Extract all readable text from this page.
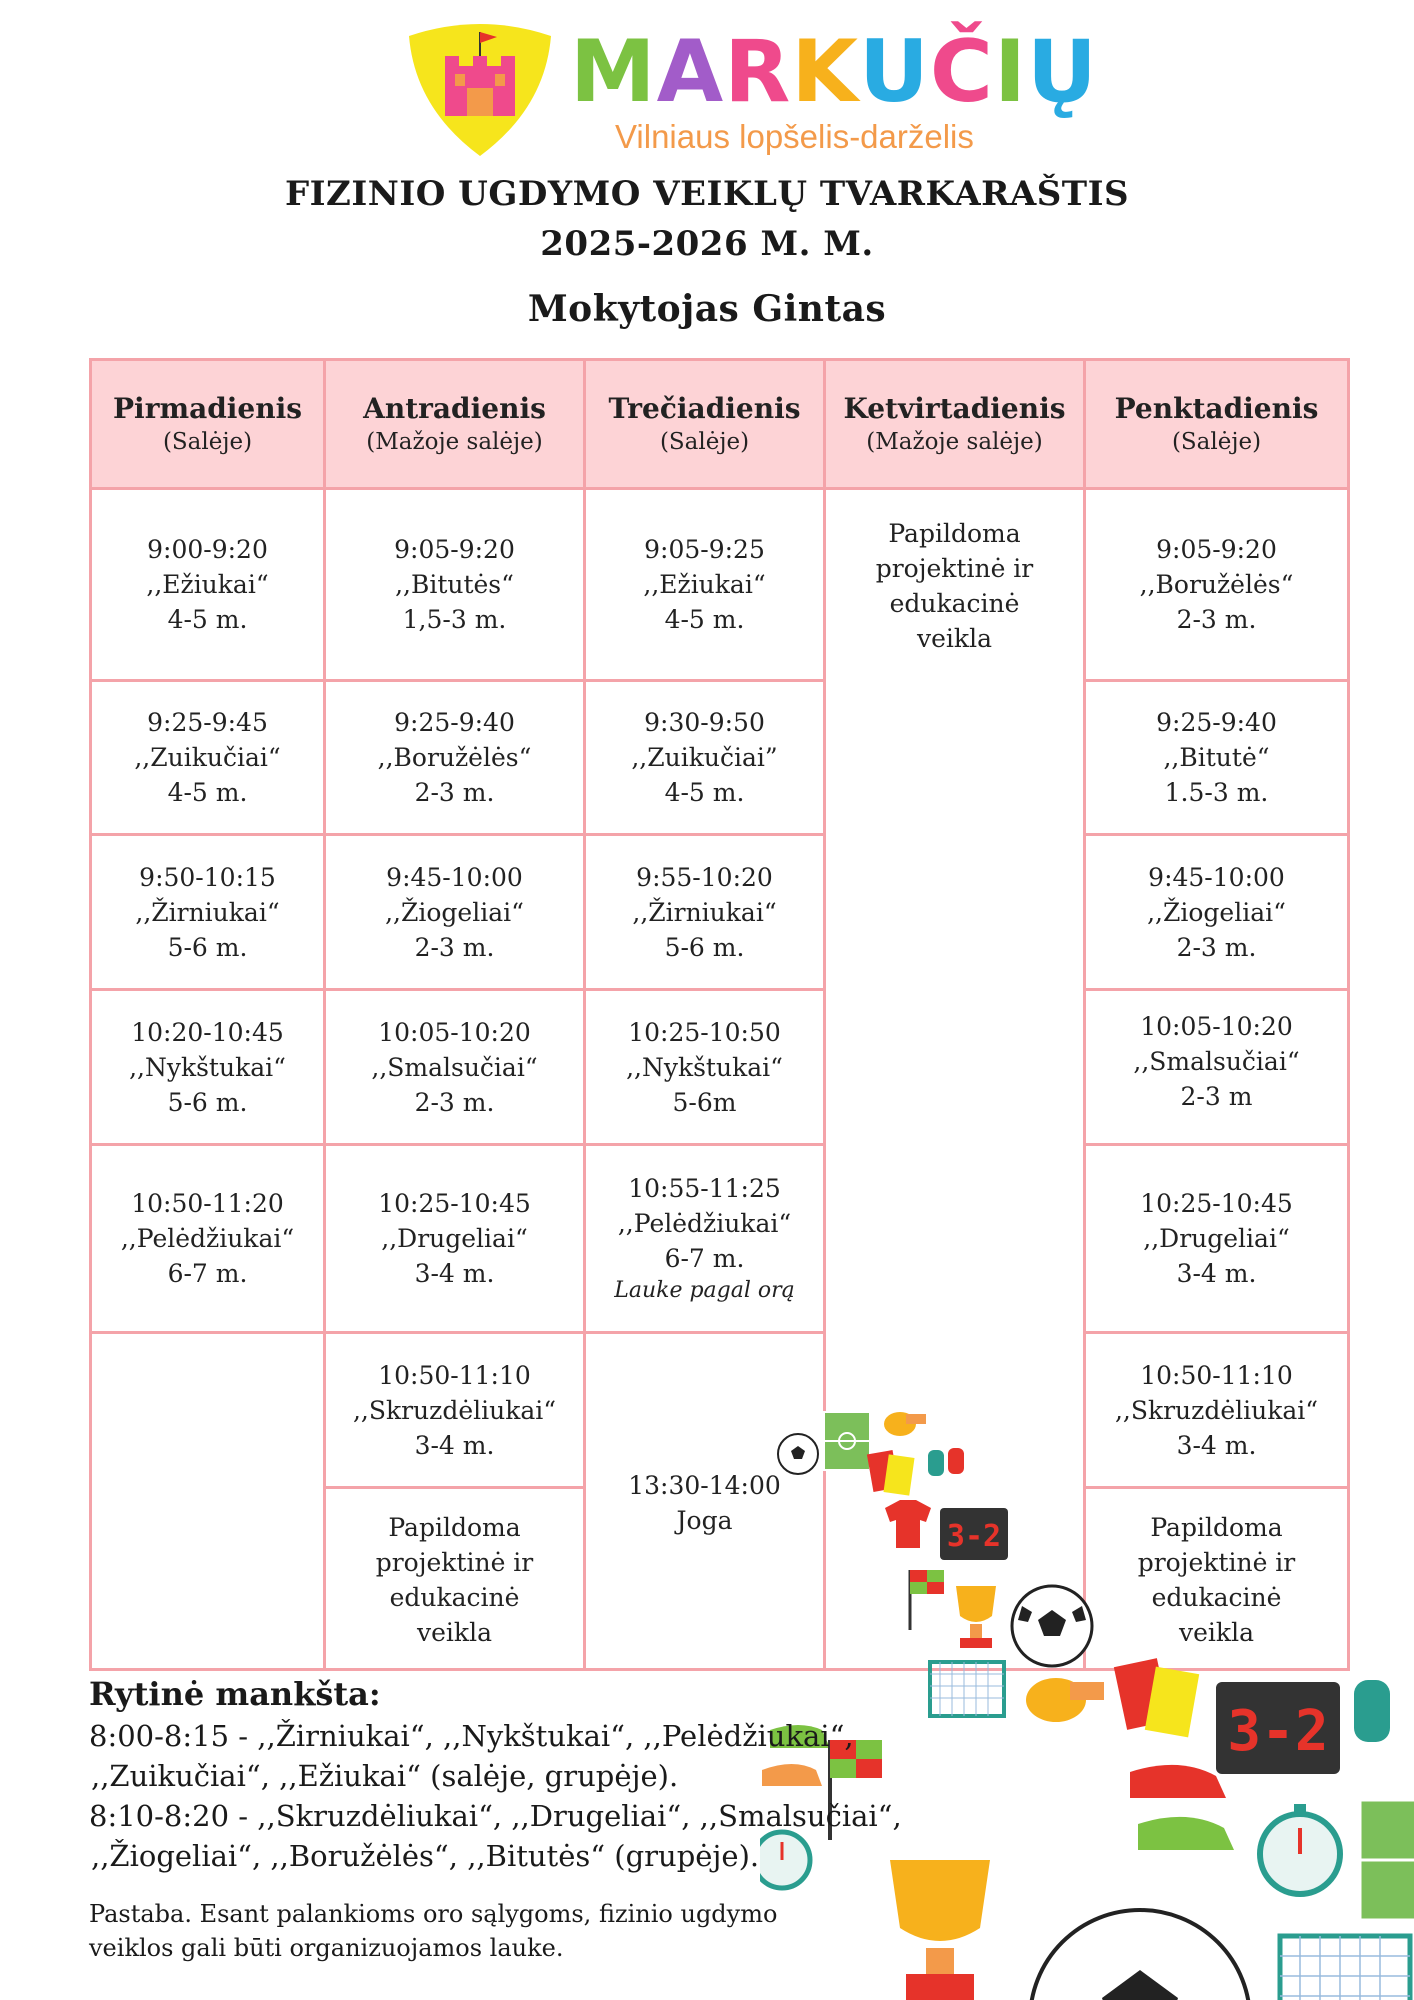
MARKUČIŲ
Vilniaus lopšelis-darželis
FIZINIO UGDYMO VEIKLŲ TVARKARAŠTIS
2025-2026 M. M.
Mokytojas Gintas
Pirmadienis
(Salėje)
Antradienis
(Mažoje salėje)
Trečiadienis
(Salėje)
Ketvirtadienis
(Mažoje salėje)
Penktadienis
(Salėje)
9:00-9:20
,,Ežiukai“
4-5 m.
9:25-9:45
,,Zuikučiai“
4-5 m.
9:50-10:15
,,Žirniukai“
5-6 m.
10:20-10:45
,,Nykštukai“
5-6 m.
10:50-11:20
,,Pelėdžiukai“
6-7 m.
9:05-9:20
,,Bitutės“
1,5-3 m.
9:25-9:40
,,Boružėlės“
2-3 m.
9:45-10:00
,,Žiogeliai“
2-3 m.
10:05-10:20
,,Smalsučiai“
2-3 m.
10:25-10:45
,,Drugeliai“
3-4 m.
10:50-11:10
,,Skruzdėliukai“
3-4 m.
Papildoma
projektinė ir
edukacinė
veikla
9:05-9:25
,,Ežiukai“
4-5 m.
9:30-9:50
,,Zuikučiai”
4-5 m.
9:55-10:20
,,Žirniukai“
5-6 m.
10:25-10:50
,,Nykštukai“
5-6m
10:55-11:25
,,Pelėdžiukai“
6-7 m.
Lauke pagal orą
13:30-14:00
Joga
Papildoma
projektinė ir
edukacinė
veikla
9:05-9:20
,,Boružėlės“
2-3 m.
9:25-9:40
,,Bitutė“
1.5-3 m.
9:45-10:00
,,Žiogeliai“
2-3 m.
10:05-10:20
,,Smalsučiai“
2-3 m
10:25-10:45
,,Drugeliai“
3-4 m.
10:50-11:10
,,Skruzdėliukai“
3-4 m.
Papildoma
projektinė ir
edukacinė
veikla
3-2
3-2
Rytinė mankšta:

8:00-8:15 - ,,Žirniukai“, ,,Nykštukai“, ,,Pelėdžiukai“,

,,Zuikučiai“, ,,Ežiukai“ (salėje, grupėje).

8:10-8:20 - ,,Skruzdėliukai“, ,,Drugeliai“, ,,Smalsučiai“,

,,Žiogeliai“, ,,Boružėlės“, ,,Bitutės“ (grupėje).

Pastaba. Esant palankioms oro sąlygoms, fizinio ugdymo
veiklos gali būti organizuojamos lauke.
